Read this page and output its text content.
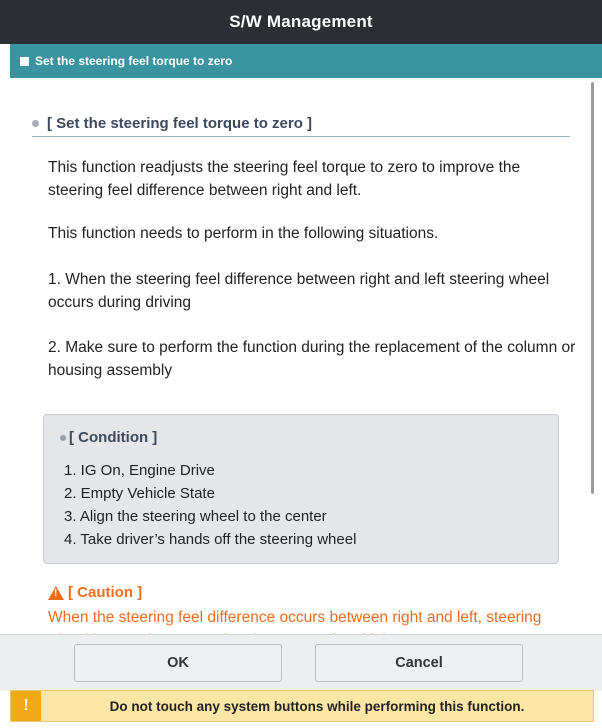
S/W Management
Set the steering feel torque to zero
[ Set the steering feel torque to zero ]
This function readjusts the steering feel torque to zero to improve the steering feel difference between right and left.
This function needs to perform in the following situations.
1. When the steering feel difference between right and left steering wheel occurs during driving
2. Make sure to perform the function during the replacement of the column or housing assembly
[ Condition ]
1. IG On, Engine Drive
2. Empty Vehicle State
3. Align the steering wheel to the center
4. Take driver’s hands off the steering wheel
! [ Caution ]
When the steering feel difference occurs between right and left, steering
OK	Cancel
!	Do not touch any system buttons while performing this function.
